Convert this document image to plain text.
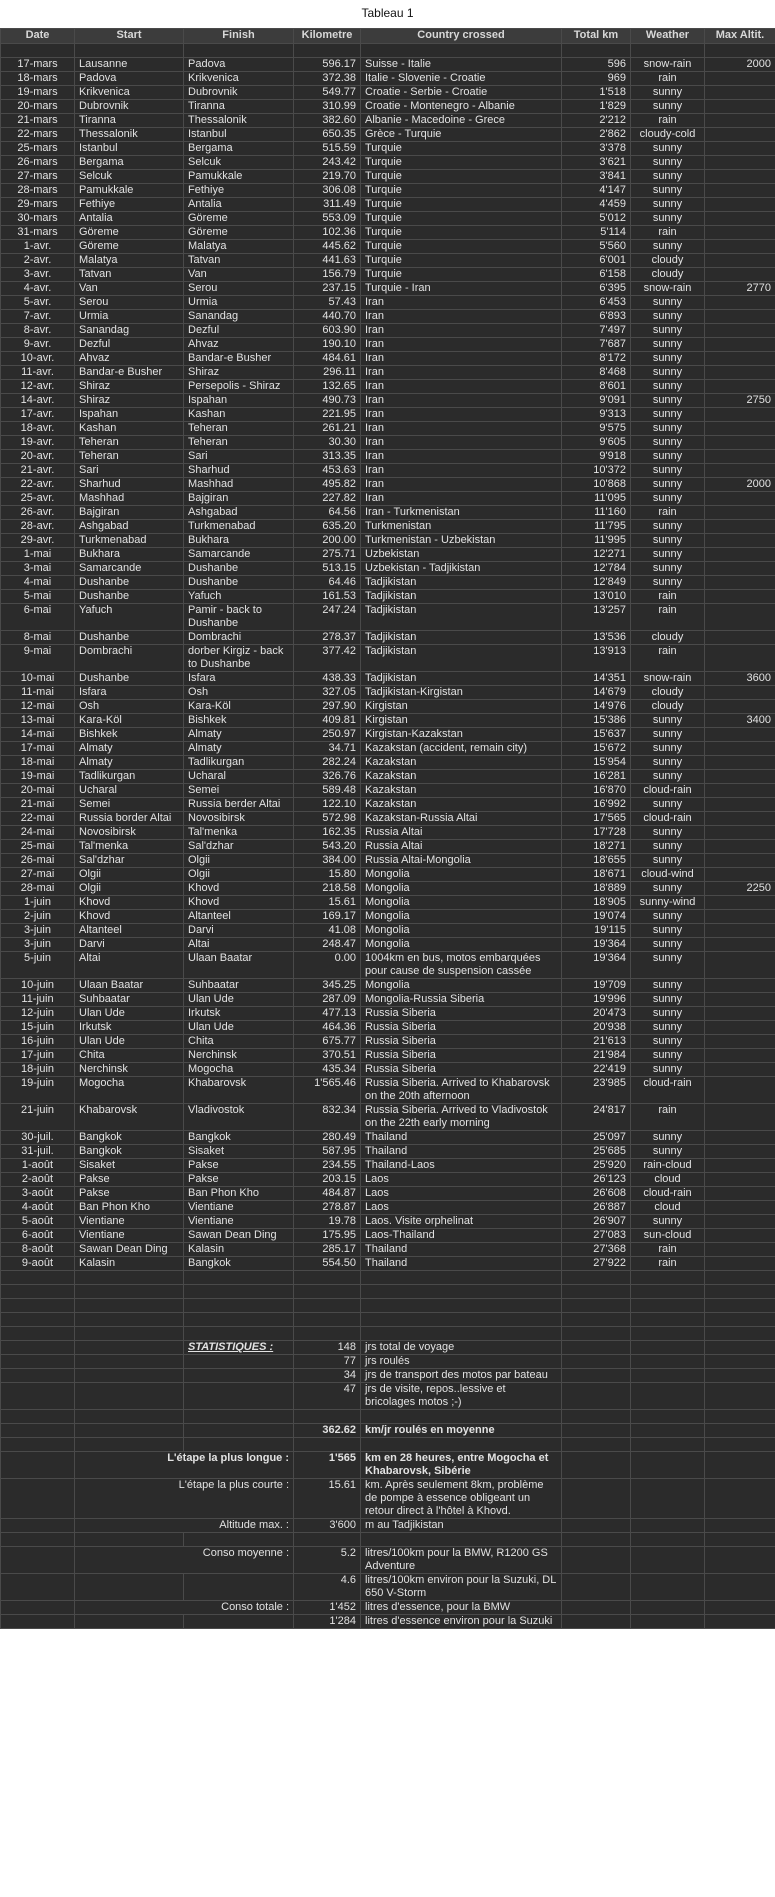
Tableau 1
Date	Start	Finish	Kilometre	Country crossed	Total km	Weather	Max Altit.

17-mars	Lausanne	Padova	596.17	Suisse - Italie	596	snow-rain	2000
18-mars	Padova	Krikvenica	372.38	Italie - Slovenie - Croatie	969	rain	
19-mars	Krikvenica	Dubrovnik	549.77	Croatie - Serbie - Croatie	1'518	sunny	
20-mars	Dubrovnik	Tiranna	310.99	Croatie - Montenegro - Albanie	1'829	sunny	
21-mars	Tiranna	Thessalonik	382.60	Albanie - Macedoine - Grece	2'212	rain	
22-mars	Thessalonik	Istanbul	650.35	Grèce - Turquie	2'862	cloudy-cold	
25-mars	Istanbul	Bergama	515.59	Turquie	3'378	sunny	
26-mars	Bergama	Selcuk	243.42	Turquie	3'621	sunny	
27-mars	Selcuk	Pamukkale	219.70	Turquie	3'841	sunny	
28-mars	Pamukkale	Fethiye	306.08	Turquie	4'147	sunny	
29-mars	Fethiye	Antalia	311.49	Turquie	4'459	sunny	
30-mars	Antalia	Göreme	553.09	Turquie	5'012	sunny	
31-mars	Göreme	Göreme	102.36	Turquie	5'114	rain	
1-avr.	Göreme	Malatya	445.62	Turquie	5'560	sunny	
2-avr.	Malatya	Tatvan	441.63	Turquie	6'001	cloudy	
3-avr.	Tatvan	Van	156.79	Turquie	6'158	cloudy	
4-avr.	Van	Serou	237.15	Turquie - Iran	6'395	snow-rain	2770
5-avr.	Serou	Urmia	57.43	Iran	6'453	sunny	
7-avr.	Urmia	Sanandag	440.70	Iran	6'893	sunny	
8-avr.	Sanandag	Dezful	603.90	Iran	7'497	sunny	
9-avr.	Dezful	Ahvaz	190.10	Iran	7'687	sunny	
10-avr.	Ahvaz	Bandar-e Busher	484.61	Iran	8'172	sunny	
11-avr.	Bandar-e Busher	Shiraz	296.11	Iran	8'468	sunny	
12-avr.	Shiraz	Persepolis - Shiraz	132.65	Iran	8'601	sunny	
14-avr.	Shiraz	Ispahan	490.73	Iran	9'091	sunny	2750
17-avr.	Ispahan	Kashan	221.95	Iran	9'313	sunny	
18-avr.	Kashan	Teheran	261.21	Iran	9'575	sunny	
19-avr.	Teheran	Teheran	30.30	Iran	9'605	sunny	
20-avr.	Teheran	Sari	313.35	Iran	9'918	sunny	
21-avr.	Sari	Sharhud	453.63	Iran	10'372	sunny	
22-avr.	Sharhud	Mashhad	495.82	Iran	10'868	sunny	2000
25-avr.	Mashhad	Bajgiran	227.82	Iran	11'095	sunny	
26-avr.	Bajgiran	Ashgabad	64.56	Iran - Turkmenistan	11'160	rain	
28-avr.	Ashgabad	Turkmenabad	635.20	Turkmenistan	11'795	sunny	
29-avr.	Turkmenabad	Bukhara	200.00	Turkmenistan - Uzbekistan	11'995	sunny	
1-mai	Bukhara	Samarcande	275.71	Uzbekistan	12'271	sunny	
3-mai	Samarcande	Dushanbe	513.15	Uzbekistan - Tadjikistan	12'784	sunny	
4-mai	Dushanbe	Dushanbe	64.46	Tadjikistan	12'849	sunny	
5-mai	Dushanbe	Yafuch	161.53	Tadjikistan	13'010	rain	
6-mai	Yafuch	Pamir - back to Dushanbe	247.24	Tadjikistan	13'257	rain	
8-mai	Dushanbe	Dombrachi	278.37	Tadjikistan	13'536	cloudy	
9-mai	Dombrachi	dorber Kirgiz - back to Dushanbe	377.42	Tadjikistan	13'913	rain	
10-mai	Dushanbe	Isfara	438.33	Tadjikistan	14'351	snow-rain	3600
11-mai	Isfara	Osh	327.05	Tadjikistan-Kirgistan	14'679	cloudy	
12-mai	Osh	Kara-Köl	297.90	Kirgistan	14'976	cloudy	
13-mai	Kara-Köl	Bishkek	409.81	Kirgistan	15'386	sunny	3400
14-mai	Bishkek	Almaty	250.97	Kirgistan-Kazakstan	15'637	sunny	
17-mai	Almaty	Almaty	34.71	Kazakstan (accident, remain city)	15'672	sunny	
18-mai	Almaty	Tadlikurgan	282.24	Kazakstan	15'954	sunny	
19-mai	Tadlikurgan	Ucharal	326.76	Kazakstan	16'281	sunny	
20-mai	Ucharal	Semei	589.48	Kazakstan	16'870	cloud-rain	
21-mai	Semei	Russia berder Altai	122.10	Kazakstan	16'992	sunny	
22-mai	Russia border Altai	Novosibirsk	572.98	Kazakstan-Russia Altai	17'565	cloud-rain	
24-mai	Novosibirsk	Tal'menka	162.35	Russia Altai	17'728	sunny	
25-mai	Tal'menka	Sal'dzhar	543.20	Russia Altai	18'271	sunny	
26-mai	Sal'dzhar	Olgii	384.00	Russia Altai-Mongolia	18'655	sunny	
27-mai	Olgii	Olgii	15.80	Mongolia	18'671	cloud-wind	
28-mai	Olgii	Khovd	218.58	Mongolia	18'889	sunny	2250
1-juin	Khovd	Khovd	15.61	Mongolia	18'905	sunny-wind	
2-juin	Khovd	Altanteel	169.17	Mongolia	19'074	sunny	
3-juin	Altanteel	Darvi	41.08	Mongolia	19'115	sunny	
3-juin	Darvi	Altai	248.47	Mongolia	19'364	sunny	
5-juin	Altai	Ulaan Baatar	0.00	1004km en bus, motos embarquées pour cause de suspension cassée	19'364	sunny	
10-juin	Ulaan Baatar	Suhbaatar	345.25	Mongolia	19'709	sunny	
11-juin	Suhbaatar	Ulan Ude	287.09	Mongolia-Russia Siberia	19'996	sunny	
12-juin	Ulan Ude	Irkutsk	477.13	Russia Siberia	20'473	sunny	
15-juin	Irkutsk	Ulan Ude	464.36	Russia Siberia	20'938	sunny	
16-juin	Ulan Ude	Chita	675.77	Russia Siberia	21'613	sunny	
17-juin	Chita	Nerchinsk	370.51	Russia Siberia	21'984	sunny	
18-juin	Nerchinsk	Mogocha	435.34	Russia Siberia	22'419	sunny	
19-juin	Mogocha	Khabarovsk	1'565.46	Russia Siberia. Arrived to Khabarovsk on the 20th afternoon	23'985	cloud-rain	
21-juin	Khabarovsk	Vladivostok	832.34	Russia Siberia. Arrived to Vladivostok on the 22th early morning	24'817	rain	
30-juil.	Bangkok	Bangkok	280.49	Thailand	25'097	sunny	
31-juil.	Bangkok	Sisaket	587.95	Thailand	25'685	sunny	
1-août	Sisaket	Pakse	234.55	Thailand-Laos	25'920	rain-cloud	
2-août	Pakse	Pakse	203.15	Laos	26'123	cloud	
3-août	Pakse	Ban Phon Kho	484.87	Laos	26'608	cloud-rain	
4-août	Ban Phon Kho	Vientiane	278.87	Laos	26'887	cloud	
5-août	Vientiane	Vientiane	19.78	Laos. Visite orphelinat	26'907	sunny	
6-août	Vientiane	Sawan Dean Ding	175.95	Laos-Thailand	27'083	sun-cloud	
8-août	Sawan Dean Ding	Kalasin	285.17	Thailand	27'368	rain	
9-août	Kalasin	Bangkok	554.50	Thailand	27'922	rain	

		STATISTIQUES :	148	jrs total de voyage			
			77	jrs roulés			
			34	jrs de transport des motos par bateau			
			47	jrs de visite, repos..lessive et bricolages motos ;-)			

			362.62	km/jr roulés en moyenne			

	L'étape la plus longue :		1'565	km en 28 heures, entre Mogocha et Khabarovsk, Sibérie			
	L'étape la plus courte :		15.61	km. Après seulement 8km, problème de pompe à essence obligeant un retour direct à l'hôtel à Khovd.			
	Altitude max. :		3'600	m au Tadjikistan			

	Conso moyenne :		5.2	litres/100km pour la BMW, R1200 GS Adventure			
			4.6	litres/100km environ pour la Suzuki, DL 650 V-Storm			
	Conso totale :		1'452	litres d'essence, pour la BMW			
			1'284	litres d'essence environ pour la Suzuki			
